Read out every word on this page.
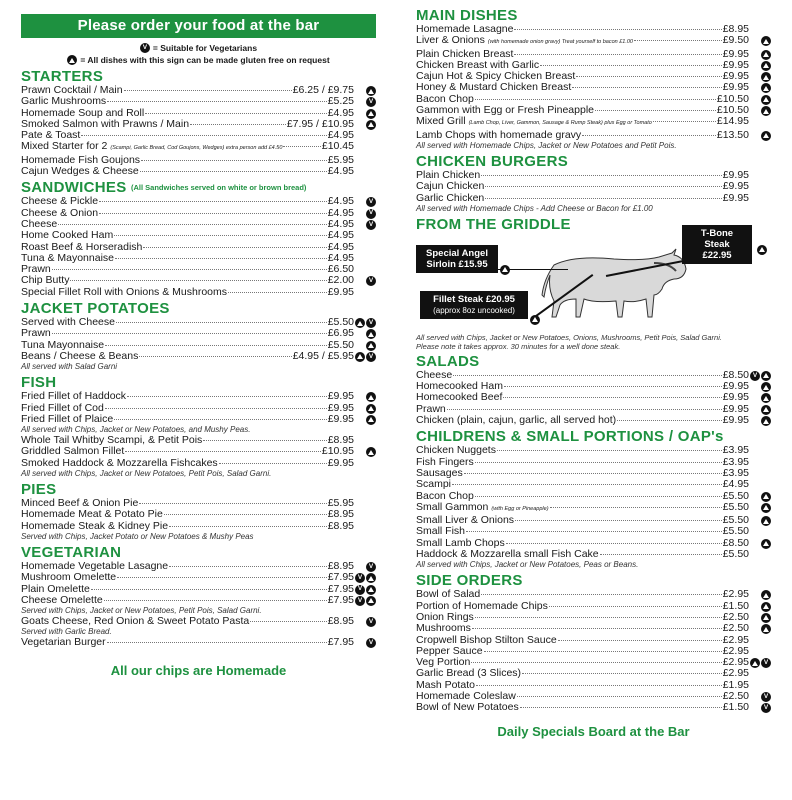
Please order your food at the bar
V = Suitable for Vegetarians
= All dishes with this sign can be made gluten free on request
STARTERS
Prawn Cocktail / Main	£6.25 / £9.75
Garlic Mushrooms	£5.25	V
Homemade Soup and Roll	£4.95
Smoked Salmon with Prawns / Main	£7.95 / £10.95
Pate & Toast	£4.95
Mixed Starter for 2 (Scampi, Garlic Bread, Cod Goujons, Wedges) extra person add £4.50	£10.45
Homemade Fish Goujons	£5.95
Cajun Wedges & Cheese	£4.95
SANDWICHES $^{(All Sandwiches served on white or brown bread)}$
Cheese & Pickle	£4.95	V
Cheese & Onion	£4.95	V
Cheese	£4.95	V
Home Cooked Ham	£4.95
Roast Beef & Horseradish	£4.95
Tuna & Mayonnaise	£4.95
Prawn	£6.50
Chip Butty	£2.00	V
Special Fillet Roll with Onions & Mushrooms	£9.95
JACKET POTATOES
Served with Cheese	£5.50	V
Prawn	£6.95
Tuna Mayonnaise	£5.50
Beans / Cheese & Beans	£4.95 / £5.95	V
All served with Salad Garni
FISH
Fried Fillet of Haddock	£9.95
Fried Fillet of Cod	£9.95
Fried Fillet of Plaice	£9.95
All served with Chips, Jacket or New Potatoes, and Mushy Peas.
Whole Tail Whitby Scampi, & Petit Pois	£8.95
Griddled Salmon Fillet	£10.95
Smoked Haddock & Mozzarella Fishcakes	£9.95
All served with Chips, Jacket or New Potatoes, Petit Pois, Salad Garni.
PIES
Minced Beef & Onion Pie	£5.95
Homemade Meat & Potato Pie	£8.95
Homemade Steak & Kidney Pie	£8.95
Served with Chips, Jacket Potato or New Potatoes & Mushy Peas
VEGETARIAN
Homemade Vegetable Lasagne	£8.95	V
Mushroom Omelette	£7.95 V
Plain Omelette	£7.95 V
Cheese Omelette	£7.95 V
Served with Chips, Jacket or New Potatoes, Petit Pois, Salad Garni.
Goats Cheese, Red Onion & Sweet Potato Pasta	£8.95	V
Served with Garlic Bread.
Vegetarian Burger	£7.95	V
All our chips are Homemade
MAIN DISHES
Homemade Lasagne	£8.95
Liver & Onions (with homemade onion gravy) Treat yourself to bacon £1.00	£9.50
Plain Chicken Breast	£9.95
Chicken Breast with Garlic	£9.95
Cajun Hot & Spicy Chicken Breast	£9.95
Honey & Mustard Chicken Breast	£9.95
Bacon Chop	£10.50
Gammon with Egg or Fresh Pineapple	£10.50
Mixed Grill (Lamb Chop, Liver, Gammon, Sausage & Rump Steak) plus Egg or Tomato	£14.95
Lamb Chops with homemade gravy	£13.50
All served with Homemade Chips, Jacket or New Potatoes and Petit Pois.
CHICKEN BURGERS
Plain Chicken	£9.95
Cajun Chicken	£9.95
Garlic Chicken	£9.95
All served with Homemade Chips - Add Cheese or Bacon for £1.00
FROM THE GRIDDLE
Special Angel
Sirloin £15.95
T-Bone Steak
£22.95
Fillet Steak £20.95
(approx 8oz uncooked)
All served with Chips, Jacket or New Potatoes, Onions, Mushrooms, Petit Pois, Salad Garni.
Please note it takes approx. 30 minutes for a well done steak.
SALADS
Cheese	£8.50 V
Homecooked Ham	£9.95
Homecooked Beef	£9.95
Prawn	£9.95
Chicken (plain, cajun, garlic, all served hot)	£9.95
CHILDRENS & SMALL PORTIONS / OAP's
Chicken Nuggets	£3.95
Fish Fingers	£3.95
Sausages	£3.95
Scampi	£4.95
Bacon Chop	£5.50
Small Gammon (with Egg or Pineapple)	£5.50
Small Liver & Onions	£5.50
Small Fish	£5.50
Small Lamb Chops	£8.50
Haddock & Mozzarella small Fish Cake	£5.50
All served with Chips, Jacket or New Potatoes, Peas or Beans.
SIDE ORDERS
Bowl of Salad	£2.95
Portion of Homemade Chips	£1.50
Onion Rings	£2.50
Mushrooms	£2.50
Cropwell Bishop Stilton Sauce	£2.95
Pepper Sauce	£2.95
Veg Portion	£2.95	V
Garlic Bread (3 Slices)	£2.95
Mash Potato	£1.95
Homemade Coleslaw	£2.50	V
Bowl of New Potatoes	£1.50	V
Daily Specials Board at the Bar
